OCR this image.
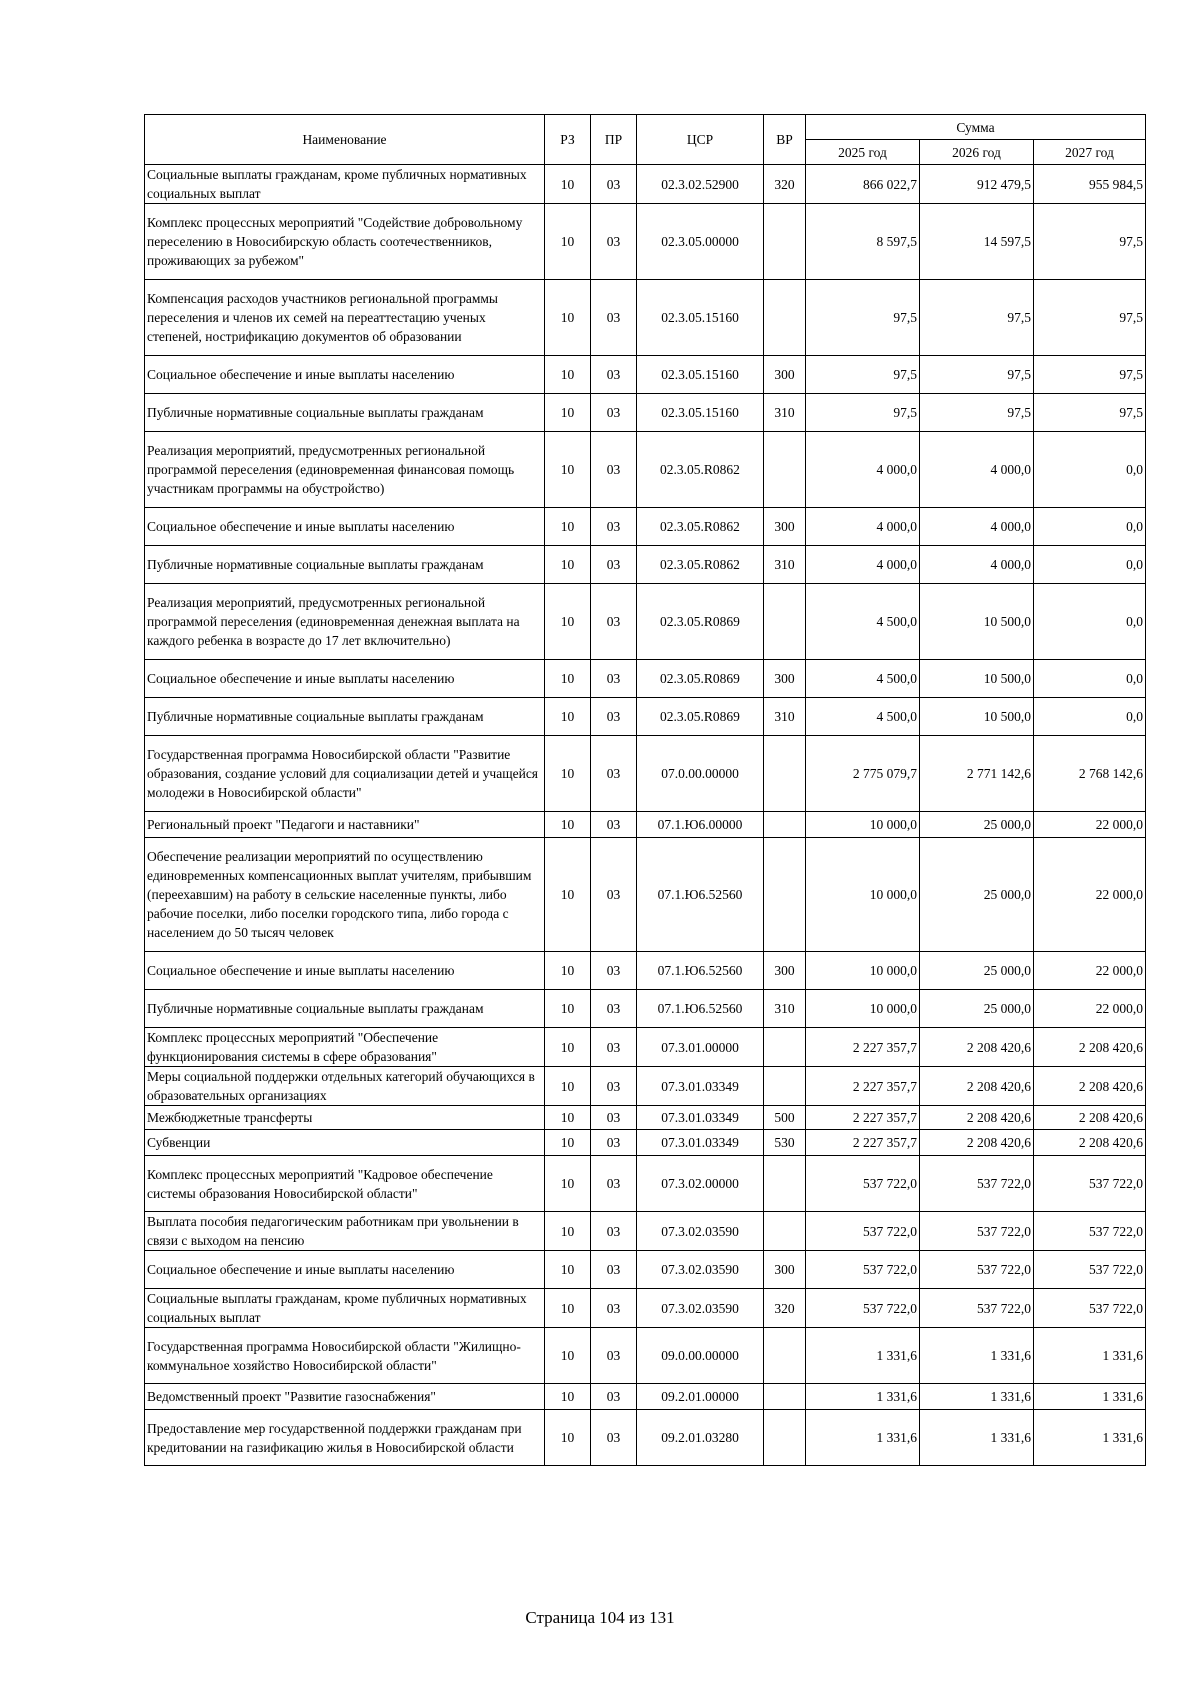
Наименование	РЗ	ПР	ЦСР	ВР	Сумма		
					2025 год	2026 год	2027 год
Социальные выплаты гражданам, кроме публичных нормативных социальных выплат	10	03	02.3.02.52900	320	866 022,7	912 479,5	955 984,5
Комплекс процессных мероприятий "Содействие добровольному переселению в Новосибирскую область соотечественников, проживающих за рубежом"	10	03	02.3.05.00000		8 597,5	14 597,5	97,5
Компенсация расходов участников региональной программы переселения и членов их семей на переаттестацию ученых степеней, нострификацию документов об образовании	10	03	02.3.05.15160		97,5	97,5	97,5
Социальное обеспечение и иные выплаты населению	10	03	02.3.05.15160	300	97,5	97,5	97,5
Публичные нормативные социальные выплаты гражданам	10	03	02.3.05.15160	310	97,5	97,5	97,5
Реализация мероприятий, предусмотренных региональной программой переселения (единовременная финансовая помощь участникам программы на обустройство)	10	03	02.3.05.R0862		4 000,0	4 000,0	0,0
Социальное обеспечение и иные выплаты населению	10	03	02.3.05.R0862	300	4 000,0	4 000,0	0,0
Публичные нормативные социальные выплаты гражданам	10	03	02.3.05.R0862	310	4 000,0	4 000,0	0,0
Реализация мероприятий, предусмотренных региональной программой переселения (единовременная денежная выплата на каждого ребенка в возрасте до 17 лет включительно)	10	03	02.3.05.R0869		4 500,0	10 500,0	0,0
Социальное обеспечение и иные выплаты населению	10	03	02.3.05.R0869	300	4 500,0	10 500,0	0,0
Публичные нормативные социальные выплаты гражданам	10	03	02.3.05.R0869	310	4 500,0	10 500,0	0,0
Государственная программа Новосибирской области "Развитие образования, создание условий для социализации детей и учащейся молодежи в Новосибирской области"	10	03	07.0.00.00000		2 775 079,7	2 771 142,6	2 768 142,6
Региональный проект "Педагоги и наставники"	10	03	07.1.Ю6.00000		10 000,0	25 000,0	22 000,0
Обеспечение реализации мероприятий по осуществлению единовременных компенсационных выплат учителям, прибывшим (переехавшим) на работу в сельские населенные пункты, либо рабочие поселки, либо поселки городского типа, либо города с населением до 50 тысяч человек	10	03	07.1.Ю6.52560		10 000,0	25 000,0	22 000,0
Социальное обеспечение и иные выплаты населению	10	03	07.1.Ю6.52560	300	10 000,0	25 000,0	22 000,0
Публичные нормативные социальные выплаты гражданам	10	03	07.1.Ю6.52560	310	10 000,0	25 000,0	22 000,0
Комплекс процессных мероприятий "Обеспечение функционирования системы в сфере образования"	10	03	07.3.01.00000		2 227 357,7	2 208 420,6	2 208 420,6
Меры социальной поддержки отдельных категорий обучающихся в образовательных организациях	10	03	07.3.01.03349		2 227 357,7	2 208 420,6	2 208 420,6
Межбюджетные трансферты	10	03	07.3.01.03349	500	2 227 357,7	2 208 420,6	2 208 420,6
Субвенции	10	03	07.3.01.03349	530	2 227 357,7	2 208 420,6	2 208 420,6
Комплекс процессных мероприятий "Кадровое обеспечение системы образования Новосибирской области"	10	03	07.3.02.00000		537 722,0	537 722,0	537 722,0
Выплата пособия педагогическим работникам при увольнении в связи с выходом на пенсию	10	03	07.3.02.03590		537 722,0	537 722,0	537 722,0
Социальное обеспечение и иные выплаты населению	10	03	07.3.02.03590	300	537 722,0	537 722,0	537 722,0
Социальные выплаты гражданам, кроме публичных нормативных социальных выплат	10	03	07.3.02.03590	320	537 722,0	537 722,0	537 722,0
Государственная программа Новосибирской области "Жилищно-коммунальное хозяйство Новосибирской области"	10	03	09.0.00.00000		1 331,6	1 331,6	1 331,6
Ведомственный проект "Развитие газоснабжения"	10	03	09.2.01.00000		1 331,6	1 331,6	1 331,6
Предоставление мер государственной поддержки гражданам при кредитовании на газификацию жилья в Новосибирской области	10	03	09.2.01.03280		1 331,6	1 331,6	1 331,6
Страница 104 из 131
